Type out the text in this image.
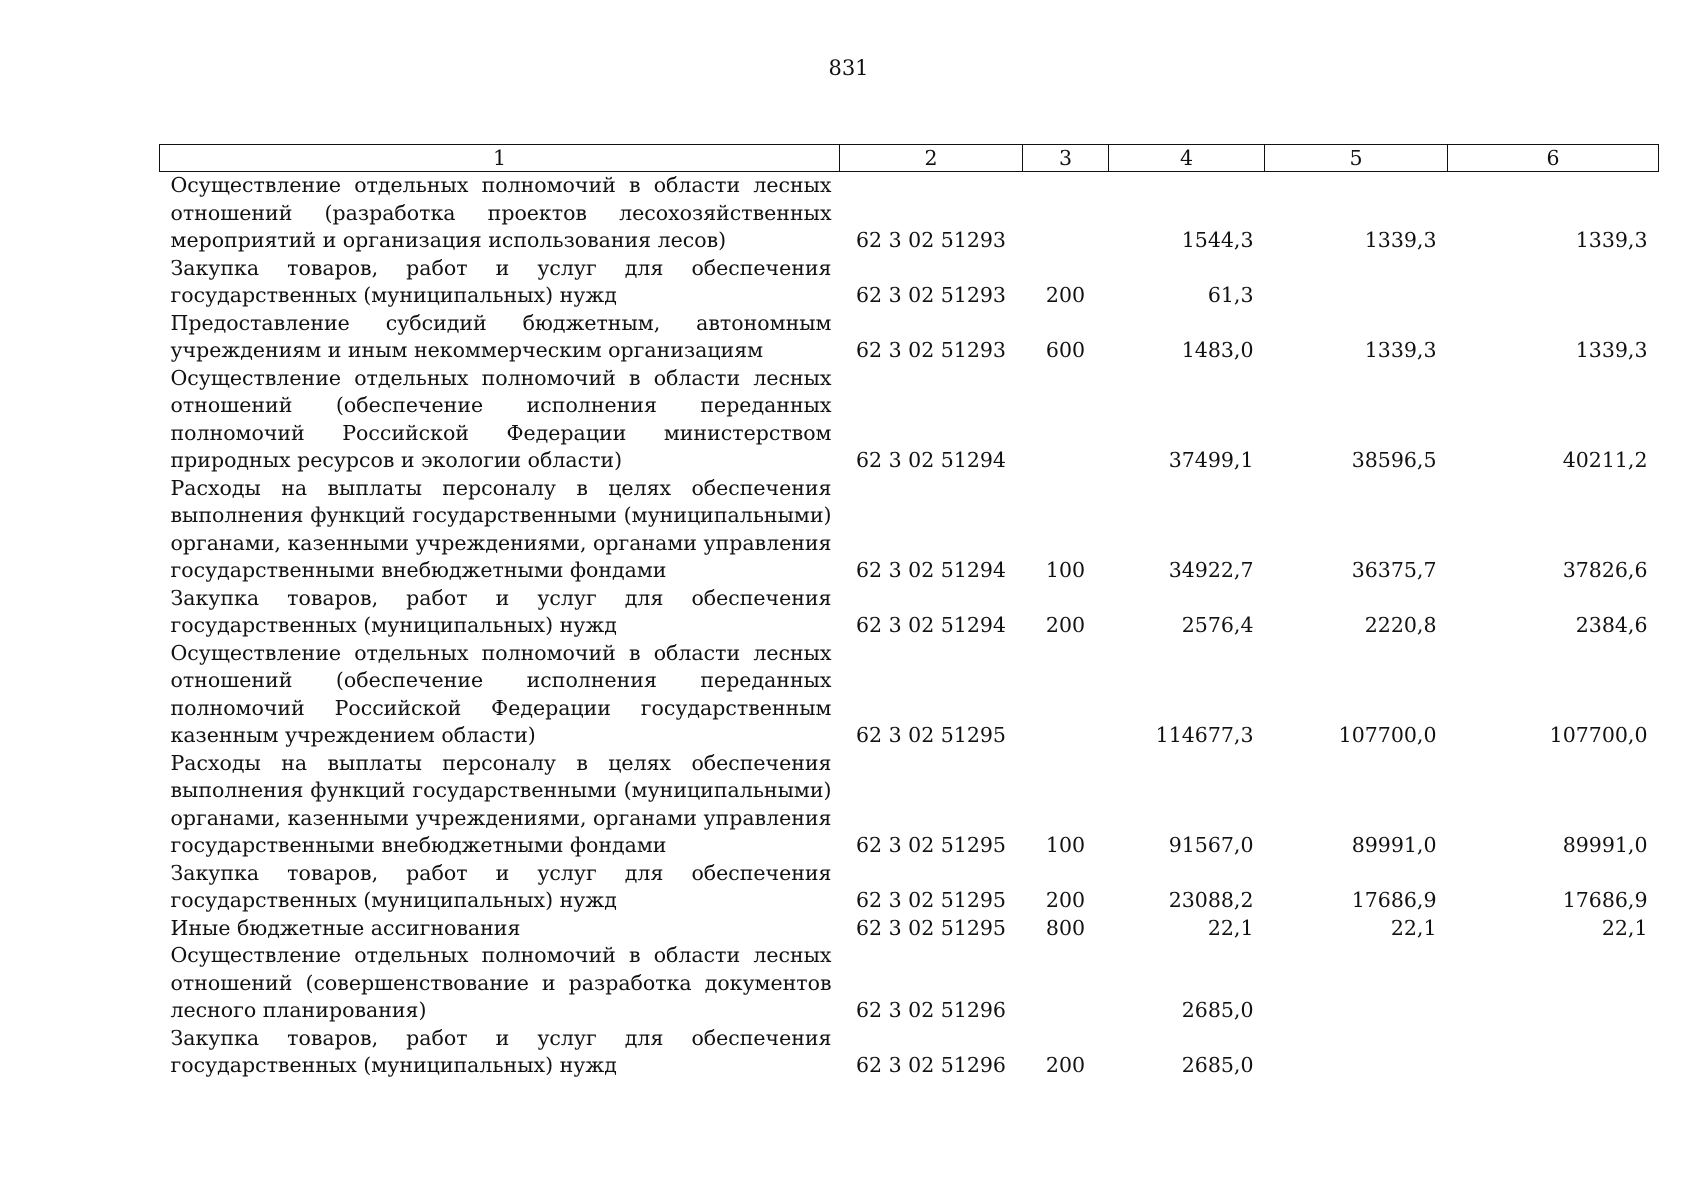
831
1	2	3	4	5	6
Осуществление отдельных полномочий в области лесных отношений (разработка проектов лесохозяйственных мероприятий и организация использования лесов)	62 3 02 51293		1544,3	1339,3	1339,3
Закупка товаров, работ и услуг для обеспечения государственных (муниципальных) нужд	62 3 02 51293	200	61,3		
Предоставление субсидий бюджетным, автономным учреждениям и иным некоммерческим организациям	62 3 02 51293	600	1483,0	1339,3	1339,3
Осуществление отдельных полномочий в области лесных отношений (обеспечение исполнения переданных полномочий Российской Федерации министерством природных ресурсов и экологии области)	62 3 02 51294		37499,1	38596,5	40211,2
Расходы на выплаты персоналу в целях обеспечения выполнения функций государственными (муниципальными) органами, казенными учреждениями, органами управления государственными внебюджетными фондами	62 3 02 51294	100	34922,7	36375,7	37826,6
Закупка товаров, работ и услуг для обеспечения государственных (муниципальных) нужд	62 3 02 51294	200	2576,4	2220,8	2384,6
Осуществление отдельных полномочий в области лесных отношений (обеспечение исполнения переданных полномочий Российской Федерации государственным казенным учреждением области)	62 3 02 51295		114677,3	107700,0	107700,0
Расходы на выплаты персоналу в целях обеспечения выполнения функций государственными (муниципальными) органами, казенными учреждениями, органами управления государственными внебюджетными фондами	62 3 02 51295	100	91567,0	89991,0	89991,0
Закупка товаров, работ и услуг для обеспечения государственных (муниципальных) нужд	62 3 02 51295	200	23088,2	17686,9	17686,9
Иные бюджетные ассигнования	62 3 02 51295	800	22,1	22,1	22,1
Осуществление отдельных полномочий в области лесных отношений (совершенствование и разработка документов лесного планирования)	62 3 02 51296		2685,0		
Закупка товаров, работ и услуг для обеспечения государственных (муниципальных) нужд	62 3 02 51296	200	2685,0		
